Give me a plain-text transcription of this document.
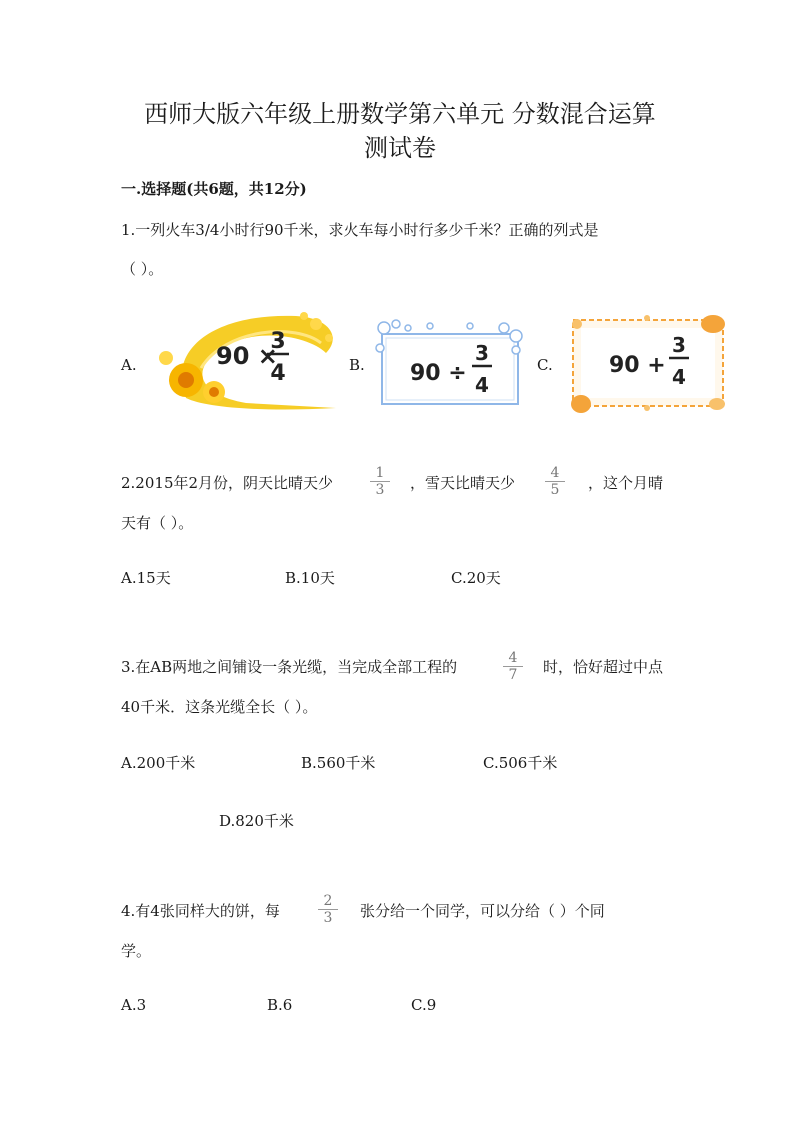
西师大版六年级上册数学第六单元 分数混合运算
测试卷
一.选择题(共6题，共12分)
1.一列火车3/4小时行90千米，求火车每小时行多少千米？正确的列式是
（ ）。
A.	90 ×
3
4	B. 90 ÷
3
4
C.	90 +
3
4
2.2015年2月份，阴天比晴天少	$\frac{1}{3}$ ，雪天比晴天少 $\frac{4}{5}$ ，这个月晴
天有（ ）。
A.15天	B.10天	C.20天
3.在AB两地之间铺设一条光缆，当完成全部工程的	$\frac{4}{7}$ 时，恰好超过中点
40千米．这条光缆全长（ ）。
A.200千米	B.560千米	C.506千米
D.820千米
4.有4张同样大的饼，每	$\frac{2}{3}$ 张分给一个同学，可以分给（ ）个同
学。
A.3	B.6	C.9
